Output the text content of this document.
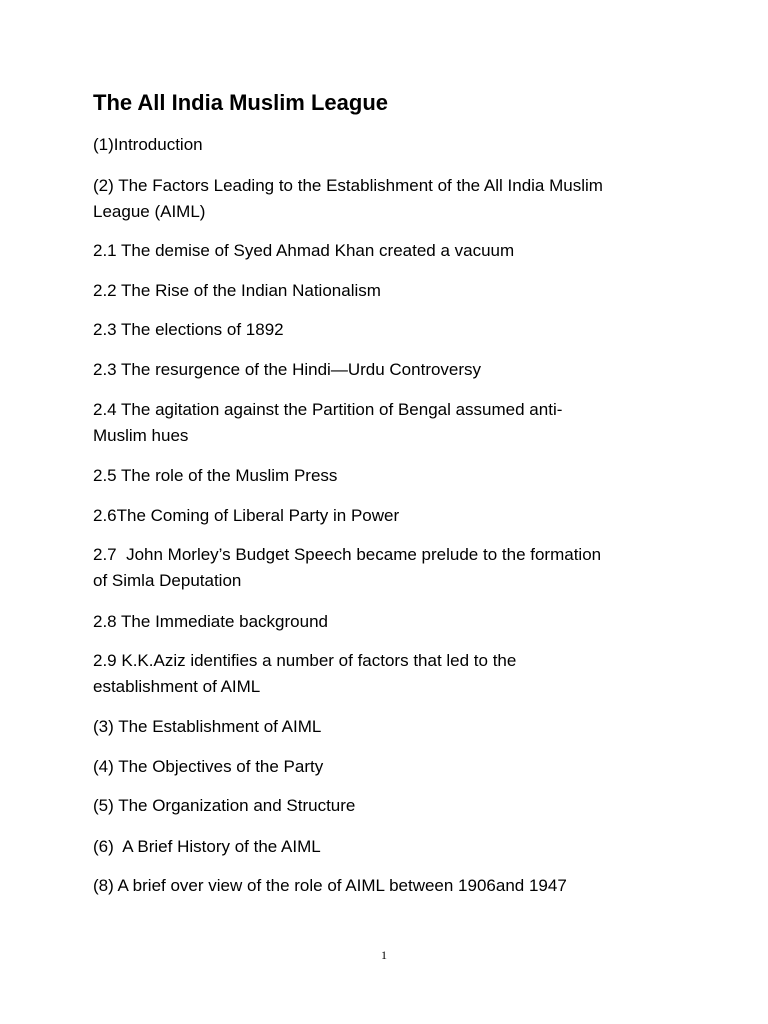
The All India Muslim League

(1)Introduction

(2) The Factors Leading to the Establishment of the All India Muslim
League (AIML)

2.1 The demise of Syed Ahmad Khan created a vacuum

2.2 The Rise of the Indian Nationalism

2.3 The elections of 1892

2.3 The resurgence of the Hindi—Urdu Controversy

2.4 The agitation against the Partition of Bengal assumed anti-
Muslim hues

2.5 The role of the Muslim Press

2.6The Coming of Liberal Party in Power

2.7  John Morley’s Budget Speech became prelude to the formation
of Simla Deputation

2.8 The Immediate background

2.9 K.K.Aziz identifies a number of factors that led to the
establishment of AIML

(3) The Establishment of AIML

(4) The Objectives of the Party

(5) The Organization and Structure

(6)  A Brief History of the AIML

(8) A brief over view of the role of AIML between 1906and 1947

1
